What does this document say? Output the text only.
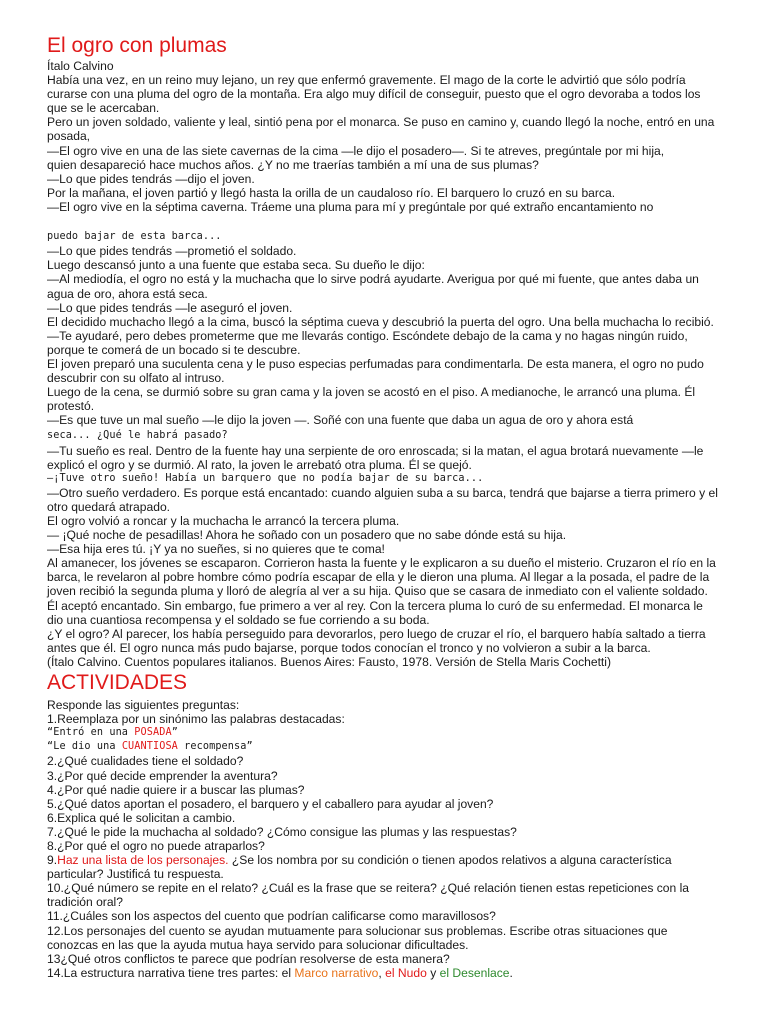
El ogro con plumas

Ítalo Calvino

Había una vez, en un reino muy lejano, un rey que enfermó gravemente. El mago de la corte le advirtió que sólo podría curarse con una pluma del ogro de la montaña. Era algo muy difícil de conseguir, puesto que el ogro devoraba a todos los que se le acercaban.

Pero un joven soldado, valiente y leal, sintió pena por el monarca. Se puso en camino y, cuando llegó la noche, entró en una posada,

—El ogro vive en una de las siete cavernas de la cima —le dijo el posadero—. Si te atreves, pregúntale por mi hija,
quien desapareció hace muchos años. ¿Y no me traerías también a mí una de sus plumas?

—Lo que pides tendrás —dijo el joven.

Por la mañana, el joven partió y llegó hasta la orilla de un caudaloso río. El barquero lo cruzó en su barca.

—El ogro vive en la séptima caverna. Tráeme una pluma para mí y pregúntale por qué extraño encantamiento no

puedo bajar de esta barca...

—Lo que pides tendrás —prometió el soldado.

Luego descansó junto a una fuente que estaba seca. Su dueño le dijo:

—Al mediodía, el ogro no está y la muchacha que lo sirve podrá ayudarte. Averigua por qué mi fuente, que antes daba un agua de oro, ahora está seca.

—Lo que pides tendrás —le aseguró el joven.

El decidido muchacho llegó a la cima, buscó la séptima cueva y descubrió la puerta del ogro. Una bella muchacha lo recibió.

—Te ayudaré, pero debes prometerme que me llevarás contigo. Escóndete debajo de la cama y no hagas ningún ruido, porque te comerá de un bocado si te descubre.

El joven preparó una suculenta cena y le puso especias perfumadas para condimentarla. De esta manera, el ogro no pudo descubrir con su olfato al intruso.

Luego de la cena, se durmió sobre su gran cama y la joven se acostó en el piso. A medianoche, le arrancó una pluma. Él protestó.

—Es que tuve un mal sueño —le dijo la joven —. Soñé con una fuente que daba un agua de oro y ahora está
seca... ¿Qué le habrá pasado?

—Tu sueño es real. Dentro de la fuente hay una serpiente de oro enroscada; si la matan, el agua brotará nuevamente —le explicó el ogro y se durmió. Al rato, la joven le arrebató otra pluma. Él se quejó.

—¡Tuve otro sueño! Había un barquero que no podía bajar de su barca...

—Otro sueño verdadero. Es porque está encantado: cuando alguien suba a su barca, tendrá que bajarse a tierra primero y el otro quedará atrapado.

El ogro volvió a roncar y la muchacha le arrancó la tercera pluma.

— ¡Qué noche de pesadillas! Ahora he soñado con un posadero que no sabe dónde está su hija.

—Esa hija eres tú. ¡Y ya no sueñes, si no quieres que te coma!

Al amanecer, los jóvenes se escaparon. Corrieron hasta la fuente y le explicaron a su dueño el misterio. Cruzaron el río en la barca, le revelaron al pobre hombre cómo podría escapar de ella y le dieron una pluma. Al llegar a la posada, el padre de la joven recibió la segunda pluma y lloró de alegría al ver a su hija. Quiso que se casara de inmediato con el valiente soldado. Él aceptó encantado. Sin embargo, fue primero a ver al rey. Con la tercera pluma lo curó de su enfermedad. El monarca le dio una cuantiosa recompensa y el soldado se fue corriendo a su boda.

¿Y el ogro? Al parecer, los había perseguido para devorarlos, pero luego de cruzar el río, el barquero había saltado a tierra antes que él. El ogro nunca más pudo bajarse, porque todos conocían el tronco y no volvieron a subir a la barca.

(Ítalo Calvino. Cuentos populares italianos. Buenos Aires: Fausto, 1978. Versión de Stella Maris Cochetti)

ACTIVIDADES

Responde las siguientes preguntas:

1.Reemplaza por un sinónimo las palabras destacadas:

“Entró en una POSADA”

“Le dio una CUANTIOSA recompensa”

2.¿Qué cualidades tiene el soldado?

3.¿Por qué decide emprender la aventura?

4.¿Por qué nadie quiere ir a buscar las plumas?

5.¿Qué datos aportan el posadero, el barquero y el caballero para ayudar al joven?

6.Explica qué le solicitan a cambio.

7.¿Qué le pide la muchacha al soldado? ¿Cómo consigue las plumas y las respuestas?

8.¿Por qué el ogro no puede atraparlos?

9.Haz una lista de los personajes. ¿Se los nombra por su condición o tienen apodos relativos a alguna característica particular? Justificá tu respuesta.

10.¿Qué número se repite en el relato? ¿Cuál es la frase que se reitera? ¿Qué relación tienen estas repeticiones con la tradición oral?

11.¿Cuáles son los aspectos del cuento que podrían calificarse como maravillosos?

12.Los personajes del cuento se ayudan mutuamente para solucionar sus problemas. Escribe otras situaciones que conozcas en las que la ayuda mutua haya servido para solucionar dificultades.

13¿Qué otros conflictos te parece que podrían resolverse de esta manera?

14.La estructura narrativa tiene tres partes: el Marco narrativo, el Nudo y el Desenlace.
